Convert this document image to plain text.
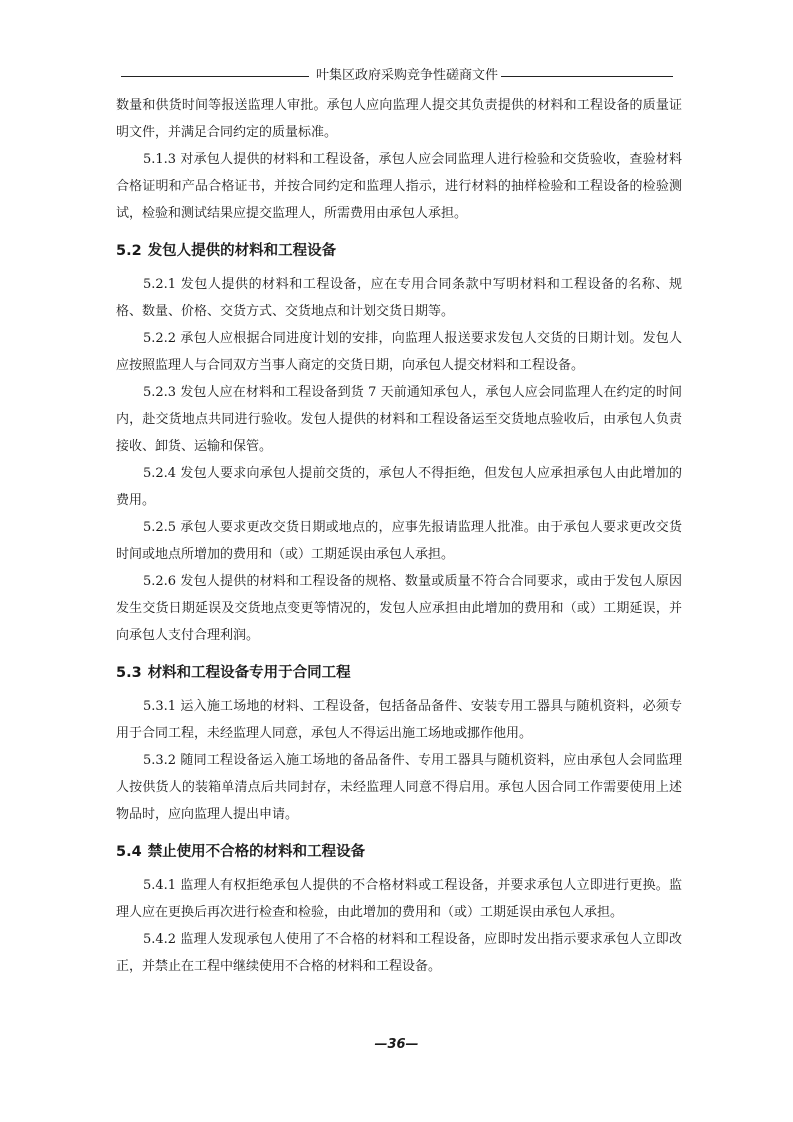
叶集区政府采购竞争性磋商文件

数量和供货时间等报送监理人审批。承包人应向监理人提交其负责提供的材料和工程设备的质量证明文件，并满足合同约定的质量标准。

5.1.3 对承包人提供的材料和工程设备，承包人应会同监理人进行检验和交货验收，查验材料合格证明和产品合格证书，并按合同约定和监理人指示，进行材料的抽样检验和工程设备的检验测试，检验和测试结果应提交监理人，所需费用由承包人承担。

5.2 发包人提供的材料和工程设备

5.2.1 发包人提供的材料和工程设备，应在专用合同条款中写明材料和工程设备的名称、规格、数量、价格、交货方式、交货地点和计划交货日期等。

5.2.2 承包人应根据合同进度计划的安排，向监理人报送要求发包人交货的日期计划。发包人应按照监理人与合同双方当事人商定的交货日期，向承包人提交材料和工程设备。

5.2.3 发包人应在材料和工程设备到货 7 天前通知承包人，承包人应会同监理人在约定的时间内，赴交货地点共同进行验收。发包人提供的材料和工程设备运至交货地点验收后，由承包人负责接收、卸货、运输和保管。

5.2.4 发包人要求向承包人提前交货的，承包人不得拒绝，但发包人应承担承包人由此增加的费用。

5.2.5 承包人要求更改交货日期或地点的，应事先报请监理人批准。由于承包人要求更改交货时间或地点所增加的费用和（或）工期延误由承包人承担。

5.2.6 发包人提供的材料和工程设备的规格、数量或质量不符合合同要求，或由于发包人原因发生交货日期延误及交货地点变更等情况的，发包人应承担由此增加的费用和（或）工期延误，并向承包人支付合理利润。

5.3 材料和工程设备专用于合同工程

5.3.1 运入施工场地的材料、工程设备，包括备品备件、安装专用工器具与随机资料，必须专用于合同工程，未经监理人同意，承包人不得运出施工场地或挪作他用。

5.3.2 随同工程设备运入施工场地的备品备件、专用工器具与随机资料，应由承包人会同监理人按供货人的装箱单清点后共同封存，未经监理人同意不得启用。承包人因合同工作需要使用上述物品时，应向监理人提出申请。

5.4 禁止使用不合格的材料和工程设备

5.4.1 监理人有权拒绝承包人提供的不合格材料或工程设备，并要求承包人立即进行更换。监理人应在更换后再次进行检查和检验，由此增加的费用和（或）工期延误由承包人承担。

5.4.2 监理人发现承包人使用了不合格的材料和工程设备，应即时发出指示要求承包人立即改正，并禁止在工程中继续使用不合格的材料和工程设备。

—36—
